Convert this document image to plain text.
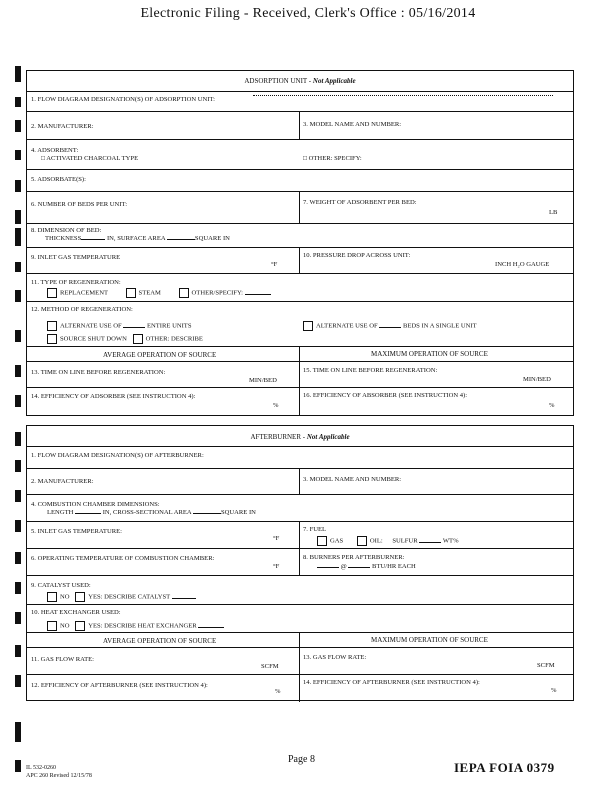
Electronic Filing - Received, Clerk's Office : 05/16/2014
ADSORPTION UNIT - Not Applicable
1. FLOW DIAGRAM DESIGNATION(S) OF ADSORPTION UNIT:
2. MANUFACTURER:	3. MODEL NAME AND NUMBER:
4. ADSORBENT:
□ ACTIVATED CHARCOAL TYPE	□ OTHER: SPECIFY:
5. ADSORBATE(S):
6. NUMBER OF BEDS PER UNIT:	7. WEIGHT OF ADSORBENT PER BED:
LB
8. DIMENSION OF BED:
THICKNESS	IN, SURFACE AREA	SQUARE IN
9. INLET GAS TEMPERATURE
°F
10. PRESSURE DROP ACROSS UNIT:
INCH H₂O GAUGE
11. TYPE OF REGENERATION:
REPLACEMENT	STEAM	OTHER/SPECIFY:
12. METHOD OF REGENERATION:
ALTERNATE USE OF	ENTIRE UNITS	ALTERNATE USE OF	BEDS IN A SINGLE UNIT
SOURCE SHUT DOWN	OTHER: DESCRIBE
AVERAGE OPERATION OF SOURCE	MAXIMUM OPERATION OF SOURCE
13. TIME ON LINE BEFORE REGENERATION:
MIN/BED
15. TIME ON LINE BEFORE REGENERATION:
MIN/BED
14. EFFICIENCY OF ADSORBER (SEE INSTRUCTION 4):
%
16. EFFICIENCY OF ABSORBER (SEE INSTRUCTION 4):
%
AFTERBURNER - Not Applicable
1. FLOW DIAGRAM DESIGNATION(S) OF AFTERBURNER:
2. MANUFACTURER:	3. MODEL NAME AND NUMBER:
4. COMBUSTION CHAMBER DIMENSIONS:
LENGTH	IN, CROSS-SECTIONAL AREA	SQUARE IN
5. INLET GAS TEMPERATURE:
°F
7. FUEL
GAS	OIL: SULFUR	WT%
6. OPERATING TEMPERATURE OF COMBUSTION CHAMBER:
°F
8. BURNERS PER AFTERBURNER:
@	BTU/HR EACH
9. CATALYST USED:
NO	YES: DESCRIBE CATALYST
10. HEAT EXCHANGER USED:
NO	YES: DESCRIBE HEAT EXCHANGER
AVERAGE OPERATION OF SOURCE	MAXIMUM OPERATION OF SOURCE
11. GAS FLOW RATE:
SCFM
13. GAS FLOW RATE:
SCFM
12. EFFICIENCY OF AFTERBURNER (SEE INSTRUCTION 4):
%
14. EFFICIENCY OF AFTERBURNER (SEE INSTRUCTION 4):
%
IL 532-0260
APC 260 Revised 12/15/78
Page 8
IEPA FOIA 0379
